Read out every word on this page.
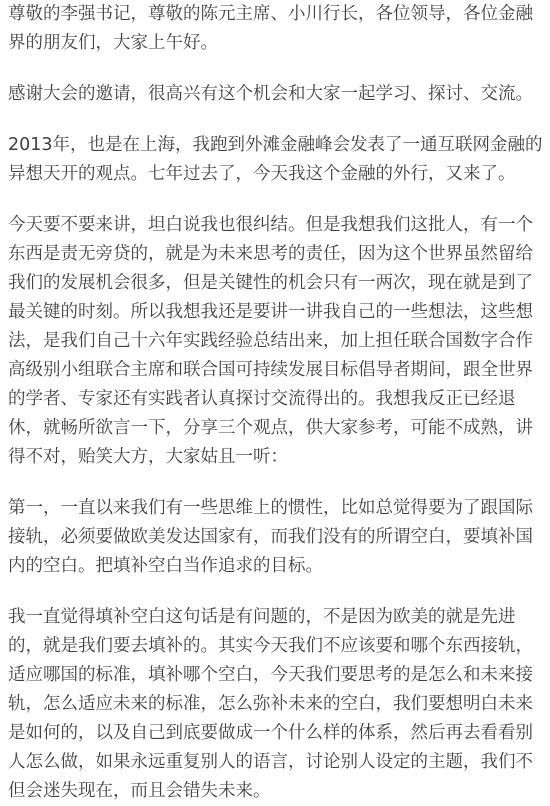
尊敬的李强书记，尊敬的陈元主席、小川行长，各位领导，各位金融界的朋友们，大家上午好。

感谢大会的邀请，很高兴有这个机会和大家一起学习、探讨、交流。

2013年，也是在上海，我跑到外滩金融峰会发表了一通互联网金融的异想天开的观点。七年过去了，今天我这个金融的外行，又来了。

今天要不要来讲，坦白说我也很纠结。但是我想我们这批人，有一个东西是责无旁贷的，就是为未来思考的责任，因为这个世界虽然留给我们的发展机会很多，但是关键性的机会只有一两次，现在就是到了最关键的时刻。所以我想我还是要讲一讲我自己的一些想法，这些想法，是我们自己十六年实践经验总结出来，加上担任联合国数字合作高级别小组联合主席和联合国可持续发展目标倡导者期间，跟全世界的学者、专家还有实践者认真探讨交流得出的。我想我反正已经退休，就畅所欲言一下，分享三个观点，供大家参考，可能不成熟，讲得不对，贻笑大方，大家姑且一听：

第一，一直以来我们有一些思维上的惯性，比如总觉得要为了跟国际接轨，必须要做欧美发达国家有，而我们没有的所谓空白，要填补国内的空白。把填补空白当作追求的目标。

我一直觉得填补空白这句话是有问题的，不是因为欧美的就是先进的，就是我们要去填补的。其实今天我们不应该要和哪个东西接轨，适应哪国的标准，填补哪个空白，今天我们要思考的是怎么和未来接轨，怎么适应未来的标准，怎么弥补未来的空白，我们要想明白未来是如何的，以及自己到底要做成一个什么样的体系，然后再去看看别人怎么做，如果永远重复别人的语言，讨论别人设定的主题，我们不但会迷失现在，而且会错失未来。
